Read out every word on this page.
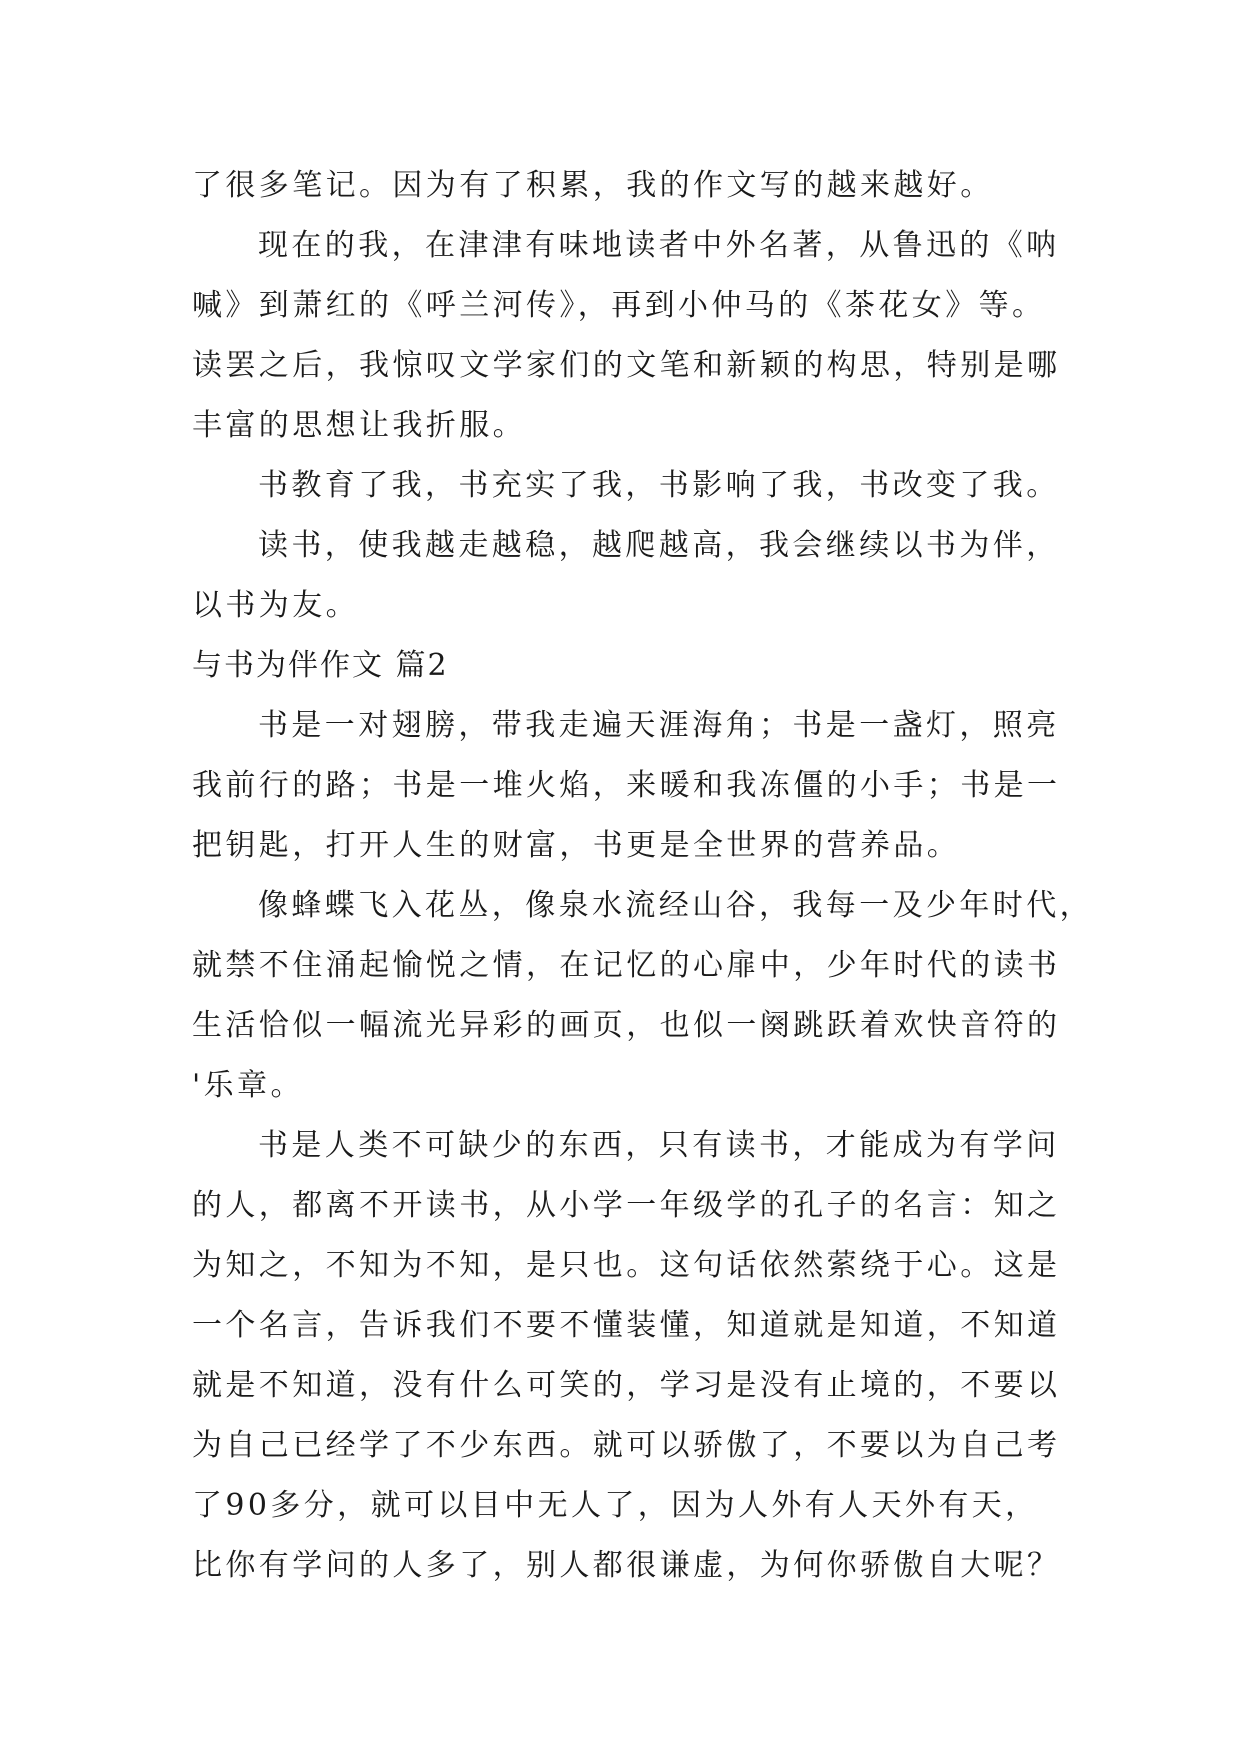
了很多笔记。因为有了积累，我的作文写的越来越好。
现在的我，在津津有味地读者中外名著，从鲁迅的《呐
喊》到萧红的《呼兰河传》，再到小仲马的《茶花女》等。
读罢之后，我惊叹文学家们的文笔和新颖的构思，特别是哪
丰富的思想让我折服。
书教育了我，书充实了我，书影响了我，书改变了我。
读书，使我越走越稳，越爬越高，我会继续以书为伴，
以书为友。
与书为伴作文 篇2
书是一对翅膀，带我走遍天涯海角；书是一盏灯，照亮
我前行的路；书是一堆火焰，来暖和我冻僵的小手；书是一
把钥匙，打开人生的财富，书更是全世界的营养品。
像蜂蝶飞入花丛，像泉水流经山谷，我每一及少年时代，
就禁不住涌起愉悦之情，在记忆的心扉中，少年时代的读书
生活恰似一幅流光异彩的画页，也似一阕跳跃着欢快音符的
'乐章。
书是人类不可缺少的东西，只有读书，才能成为有学问
的人，都离不开读书，从小学一年级学的孔子的名言：知之
为知之，不知为不知，是只也。这句话依然萦绕于心。这是
一个名言，告诉我们不要不懂装懂，知道就是知道，不知道
就是不知道，没有什么可笑的，学习是没有止境的，不要以
为自己已经学了不少东西。就可以骄傲了，不要以为自己考
了90多分，就可以目中无人了，因为人外有人天外有天，
比你有学问的人多了，别人都很谦虚，为何你骄傲自大呢？
